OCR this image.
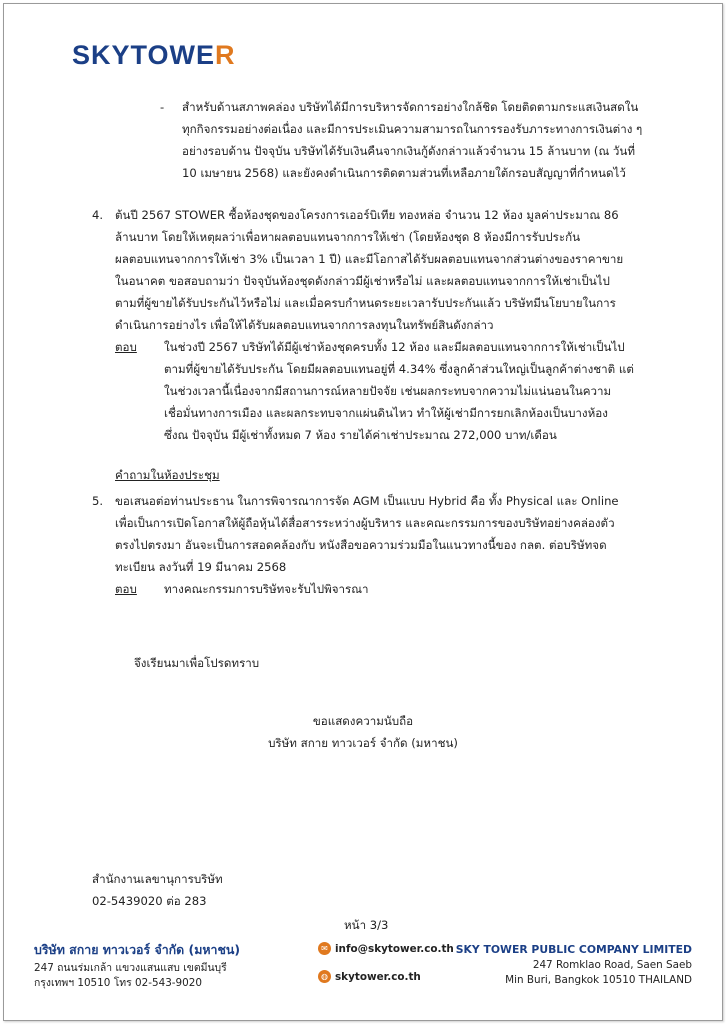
SKYTOWER
- สำหรับด้านสภาพคล่อง บริษัทได้มีการบริหารจัดการอย่างใกล้ชิด โดยติดตามกระแสเงินสดใน
ทุกกิจกรรมอย่างต่อเนื่อง และมีการประเมินความสามารถในการรองรับภาระทางการเงินต่าง ๆ
อย่างรอบด้าน ปัจจุบัน บริษัทได้รับเงินคืนจากเงินกู้ดังกล่าวแล้วจำนวน 15 ล้านบาท (ณ วันที่
10 เมษายน 2568) และยังคงดำเนินการติดตามส่วนที่เหลือภายใต้กรอบสัญญาที่กำหนดไว้
4. ต้นปี 2567 STOWER ซื้อห้องชุดของโครงการเออร์บิเทีย ทองหล่อ จำนวน 12 ห้อง มูลค่าประมาณ 86
ล้านบาท โดยให้เหตุผลว่าเพื่อหาผลตอบแทนจากการให้เช่า (โดยห้องชุด 8 ห้องมีการรับประกัน
ผลตอบแทนจากการให้เช่า 3% เป็นเวลา 1 ปี) และมีโอกาสได้รับผลตอบแทนจากส่วนต่างของราคาขาย
ในอนาคต ขอสอบถามว่า ปัจจุบันห้องชุดดังกล่าวมีผู้เช่าหรือไม่ และผลตอบแทนจากการให้เช่าเป็นไป
ตามที่ผู้ขายได้รับประกันไว้หรือไม่ และเมื่อครบกำหนดระยะเวลารับประกันแล้ว บริษัทมีนโยบายในการ
ดำเนินการอย่างไร เพื่อให้ได้รับผลตอบแทนจากการลงทุนในทรัพย์สินดังกล่าว
ตอบ ในช่วงปี 2567 บริษัทได้มีผู้เช่าห้องชุดครบทั้ง 12 ห้อง และมีผลตอบแทนจากการให้เช่าเป็นไป
ตามที่ผู้ขายได้รับประกัน โดยมีผลตอบแทนอยู่ที่ 4.34% ซึ่งลูกค้าส่วนใหญ่เป็นลูกค้าต่างชาติ แต่
ในช่วงเวลานี้เนื่องจากมีสถานการณ์หลายปัจจัย เช่นผลกระทบจากความไม่แน่นอนในความ
เชื่อมั่นทางการเมือง และผลกระทบจากแผ่นดินไหว ทำให้ผู้เช่ามีการยกเลิกห้องเป็นบางห้อง
ซึ่งณ ปัจจุบัน มีผู้เช่าทั้งหมด 7 ห้อง รายได้ค่าเช่าประมาณ 272,000 บาท/เดือน
คำถามในห้องประชุม
5. ขอเสนอต่อท่านประธาน ในการพิจารณาการจัด AGM เป็นแบบ Hybrid คือ ทั้ง Physical และ Online
เพื่อเป็นการเปิดโอกาสให้ผู้ถือหุ้นได้สื่อสารระหว่างผู้บริหาร และคณะกรรมการของบริษัทอย่างคล่องตัว
ตรงไปตรงมา อันจะเป็นการสอดคล้องกับ หนังสือขอความร่วมมือในแนวทางนี้ของ กลต. ต่อบริษัทจด
ทะเบียน ลงวันที่ 19 มีนาคม 2568
ตอบ ทางคณะกรรมการบริษัทจะรับไปพิจารณา
จึงเรียนมาเพื่อโปรดทราบ
ขอแสดงความนับถือ
บริษัท สกาย ทาวเวอร์ จำกัด (มหาชน)
สำนักงานเลขานุการบริษัท
02-5439020 ต่อ 283
หน้า 3/3
บริษัท สกาย ทาวเวอร์ จำกัด (มหาชน)
247 ถนนร่มเกล้า แขวงแสนแสบ เขตมีนบุรี
กรุงเทพฯ 10510 โทร 02-543-9020
✉ info@skytower.co.th
◍ skytower.co.th
SKY TOWER PUBLIC COMPANY LIMITED
247 Romklao Road, Saen Saeb
Min Buri, Bangkok 10510 THAILAND
